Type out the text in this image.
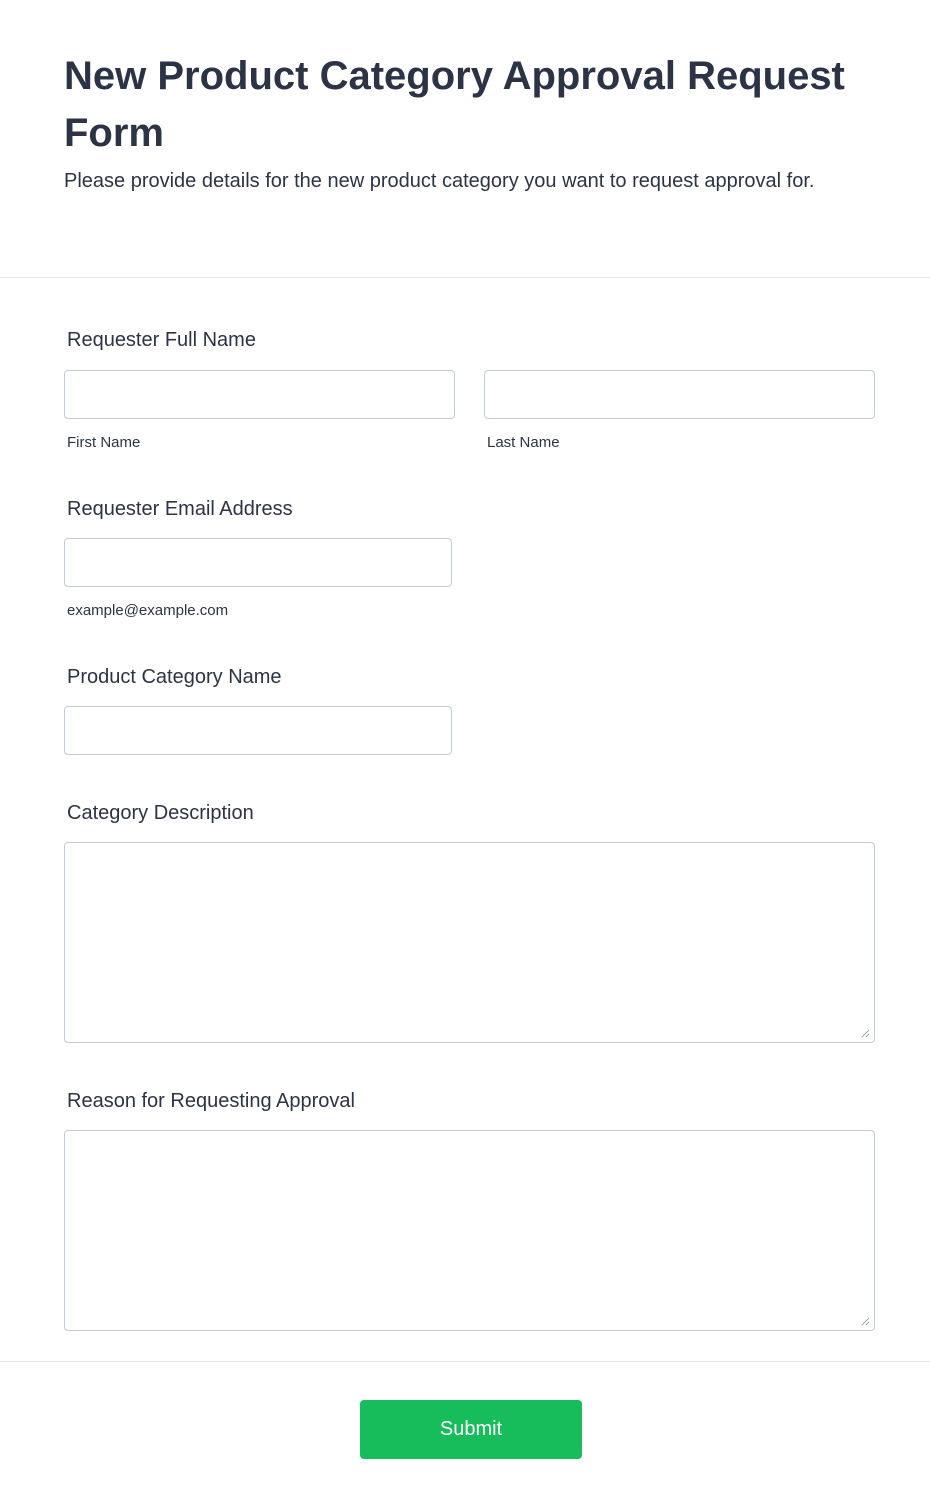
New Product Category Approval Request Form

Please provide details for the new product category you want to request approval for.

Requester Full Name
First Name	Last Name
Requester Email Address
example@example.com
Product Category Name
Category Description
Reason for Requesting Approval
Submit
